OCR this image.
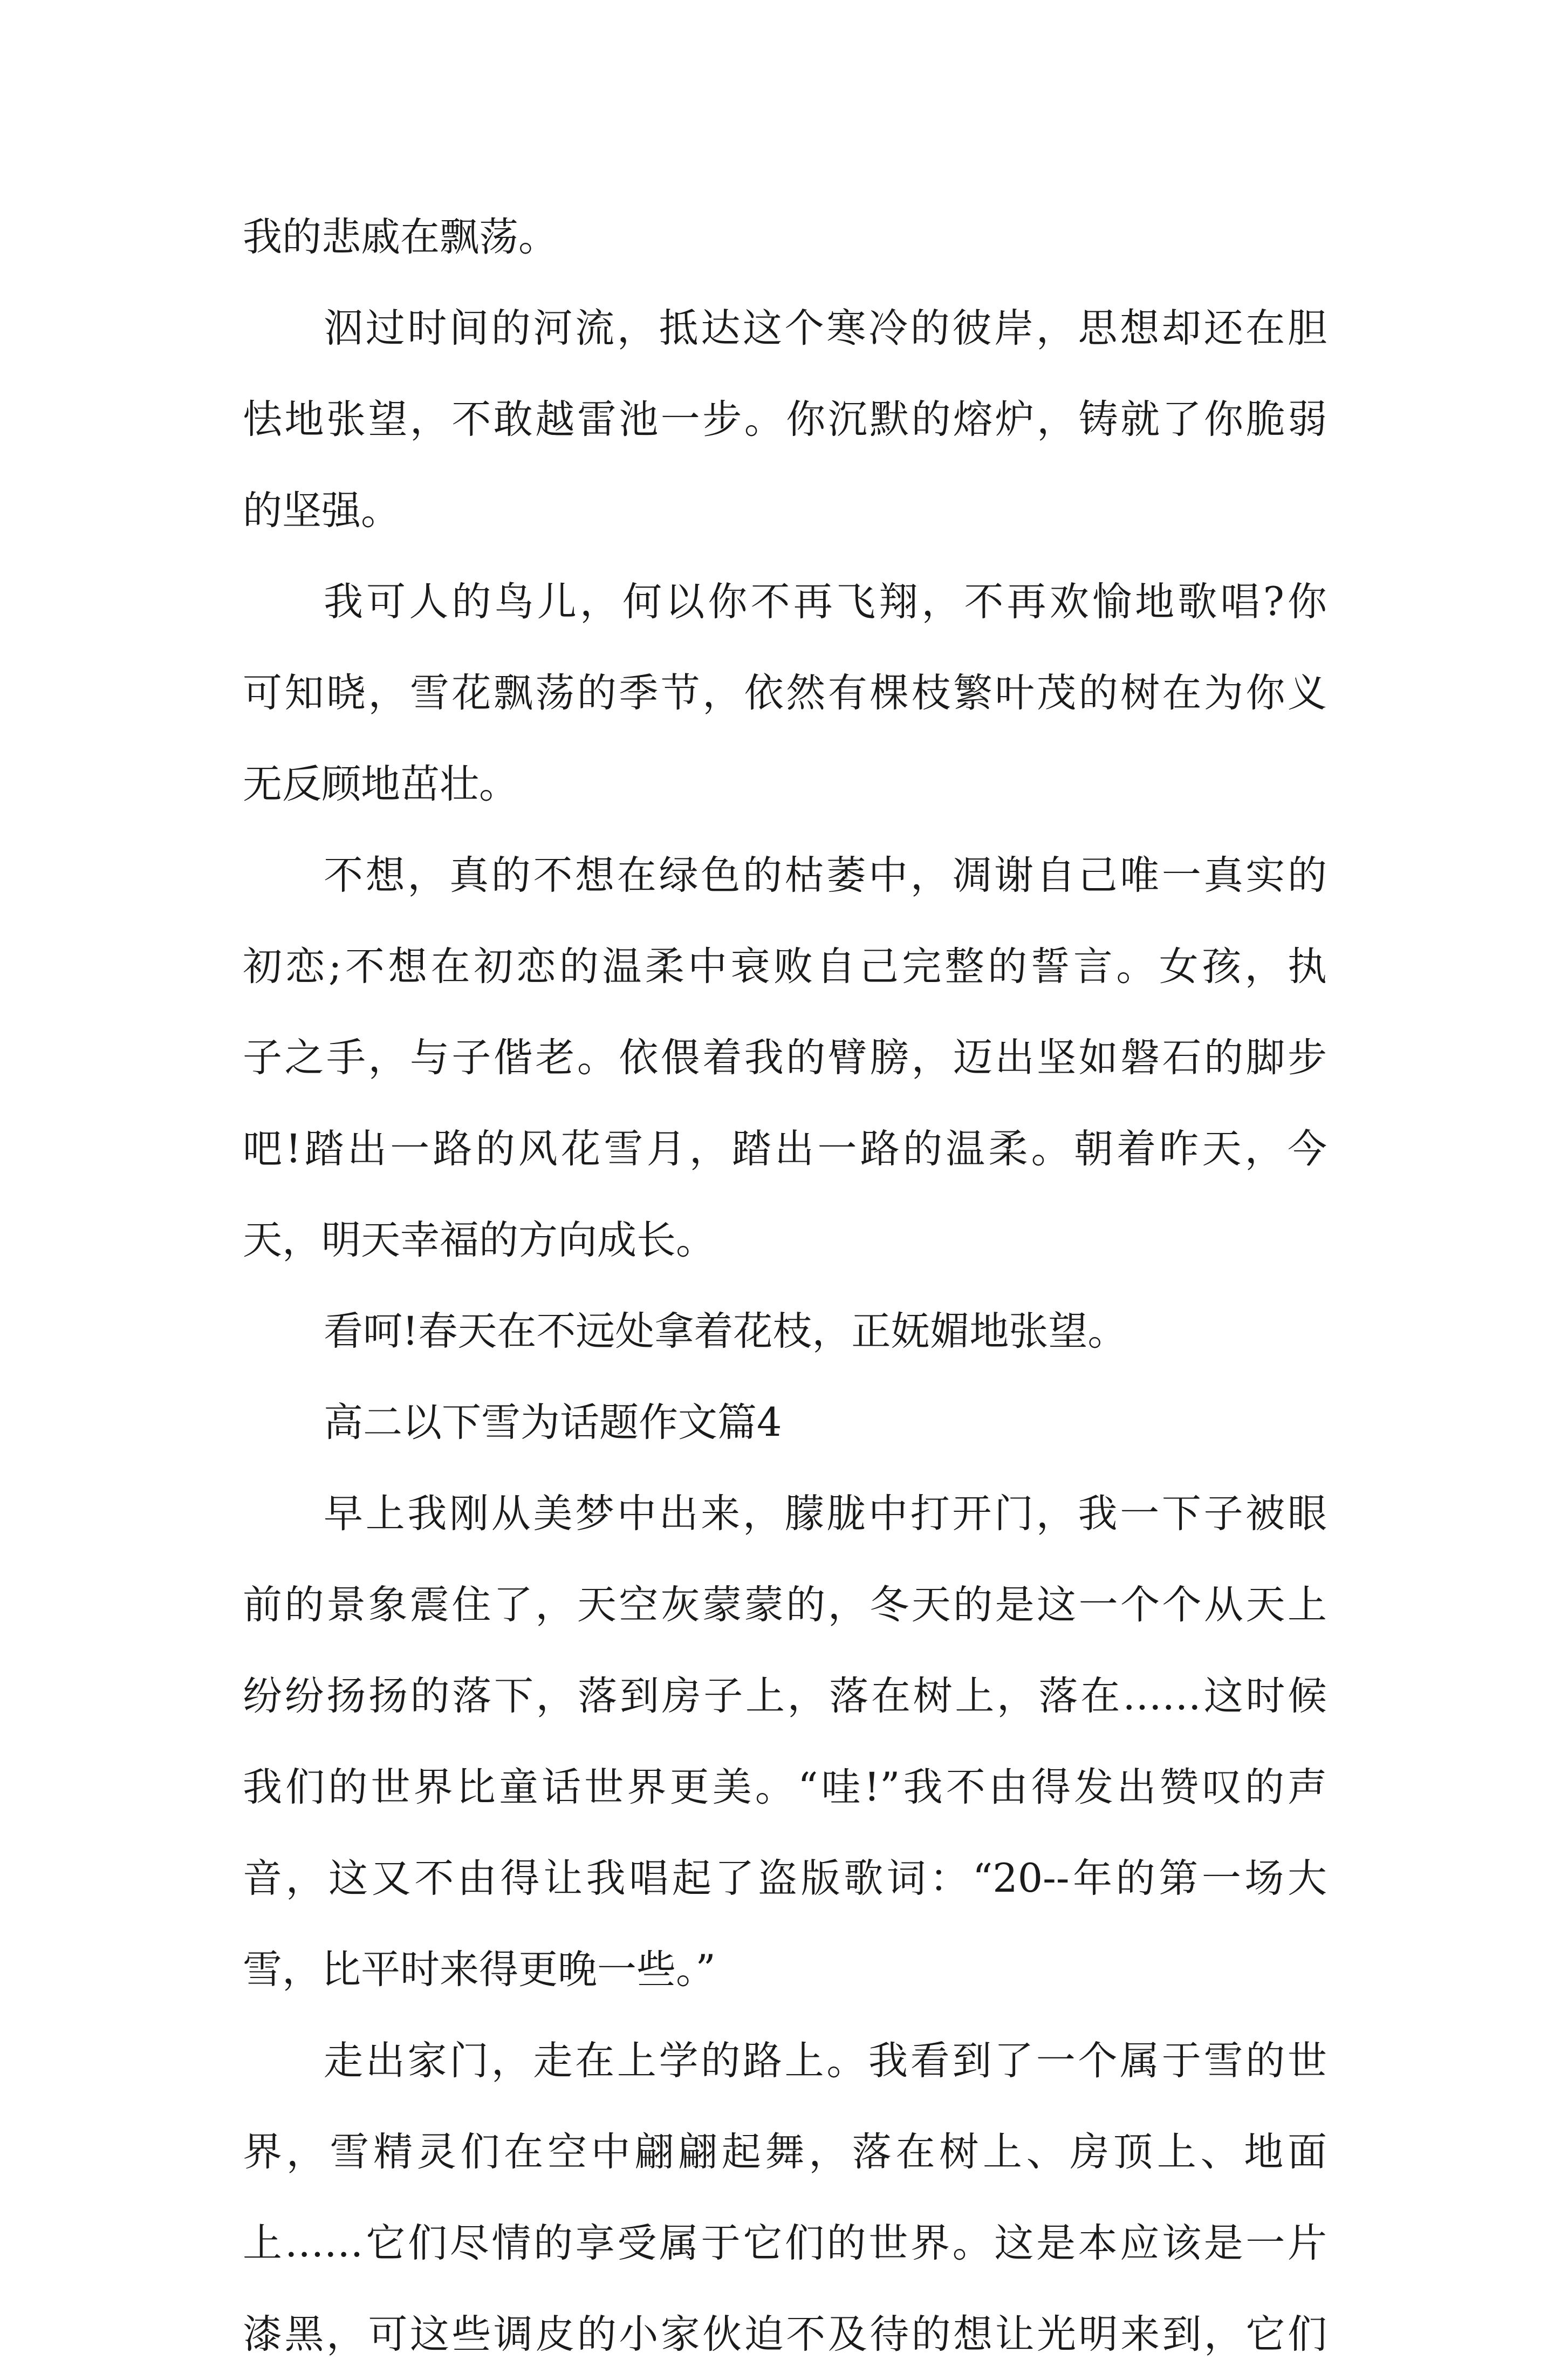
我的悲戚在飘荡。
泅过时间的河流，抵达这个寒冷的彼岸，思想却还在胆
怯地张望，不敢越雷池一步。你沉默的熔炉，铸就了你脆弱
的坚强。
我可人的鸟儿，何以你不再飞翔，不再欢愉地歌唱?你
可知晓，雪花飘荡的季节，依然有棵枝繁叶茂的树在为你义
无反顾地茁壮。
不想，真的不想在绿色的枯萎中，凋谢自己唯一真实的
初恋;不想在初恋的温柔中衰败自己完整的誓言。女孩，执
子之手，与子偕老。依偎着我的臂膀，迈出坚如磐石的脚步
吧!踏出一路的风花雪月，踏出一路的温柔。朝着昨天，今
天，明天幸福的方向成长。
看呵!春天在不远处拿着花枝，正妩媚地张望。
高二以下雪为话题作文篇4
早上我刚从美梦中出来，朦胧中打开门，我一下子被眼
前的景象震住了，天空灰蒙蒙的，冬天的是这一个个从天上
纷纷扬扬的落下，落到房子上，落在树上，落在……这时候
我们的世界比童话世界更美。“哇!”我不由得发出赞叹的声
音，这又不由得让我唱起了盗版歌词：“20--年的第一场大
雪，比平时来得更晚一些。”
走出家门，走在上学的路上。我看到了一个属于雪的世
界，雪精灵们在空中翩翩起舞，落在树上、房顶上、地面
上……它们尽情的享受属于它们的世界。这是本应该是一片
漆黑，可这些调皮的小家伙迫不及待的想让光明来到，它们
